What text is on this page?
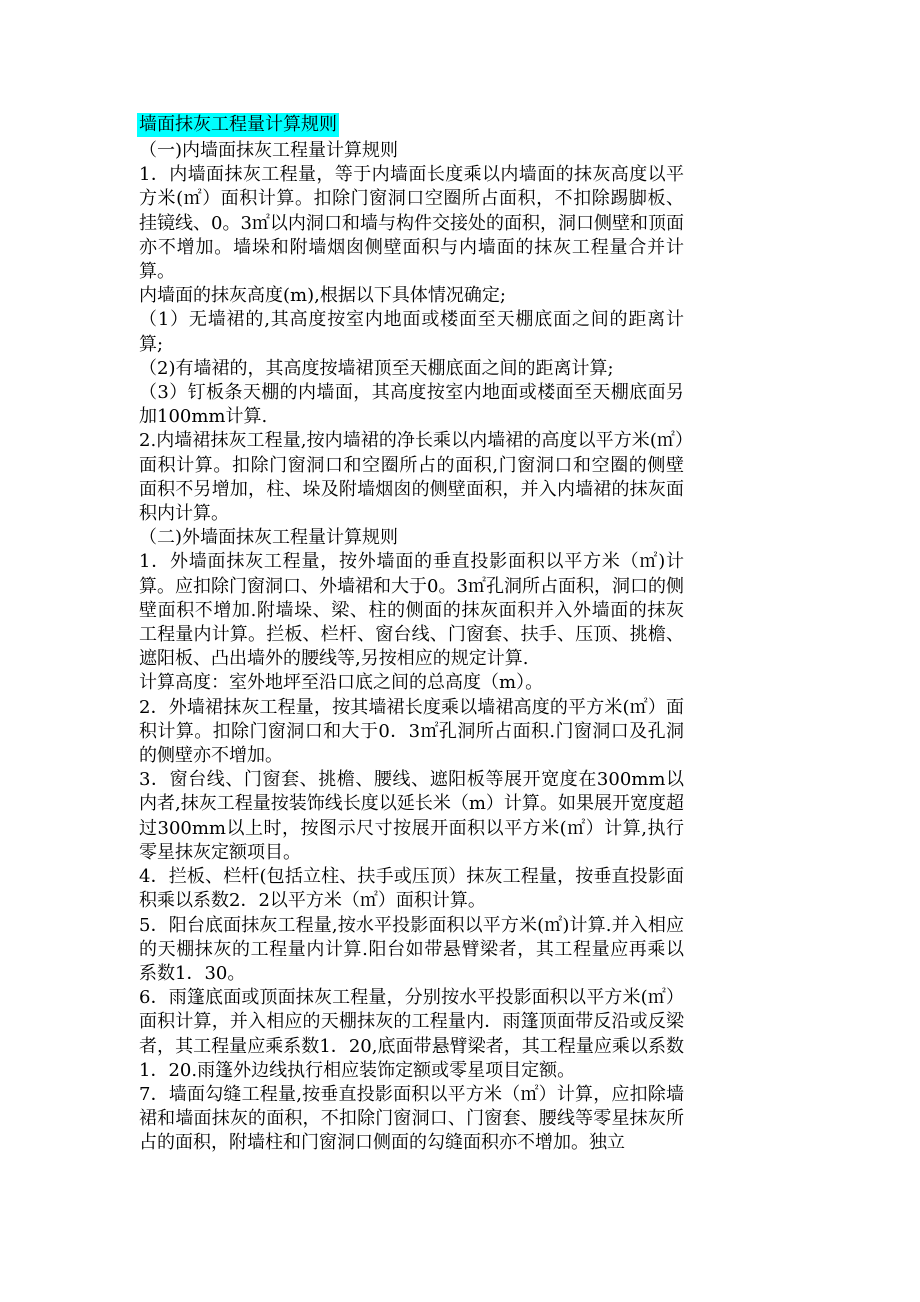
墙面抹灰工程量计算规则

（一)内墙面抹灰工程量计算规则

1．内墙面抹灰工程量，等于内墙面长度乘以内墙面的抹灰高度以平方米(㎡）面积计算。扣除门窗洞口空圈所占面积，不扣除踢脚板、挂镜线、0。3㎡以内洞口和墙与构件交接处的面积，洞口侧壁和顶面亦不增加。墙垛和附墙烟囱侧壁面积与内墙面的抹灰工程量合并计算。

内墙面的抹灰高度(m),根据以下具体情况确定;

（1）无墙裙的,其高度按室内地面或楼面至天棚底面之间的距离计算;

（2)有墙裙的，其高度按墙裙顶至天棚底面之间的距离计算;

（3）钉板条天棚的内墙面，其高度按室内地面或楼面至天棚底面另加100mm计算.

2.内墙裙抹灰工程量,按内墙裙的净长乘以内墙裙的高度以平方米(㎡）面积计算。扣除门窗洞口和空圈所占的面积,门窗洞口和空圈的侧壁面积不另增加，柱、垛及附墙烟囱的侧壁面积，并入内墙裙的抹灰面积内计算。

（二)外墙面抹灰工程量计算规则

1．外墙面抹灰工程量，按外墙面的垂直投影面积以平方米（㎡)计算。应扣除门窗洞口、外墙裙和大于0。3㎡孔洞所占面积，洞口的侧壁面积不增加.附墙垛、梁、柱的侧面的抹灰面积并入外墙面的抹灰工程量内计算。拦板、栏杆、窗台线、门窗套、扶手、压顶、挑檐、遮阳板、凸出墙外的腰线等,另按相应的规定计算.

计算高度：室外地坪至沿口底之间的总高度（m）。

2．外墙裙抹灰工程量，按其墙裙长度乘以墙裙高度的平方米(㎡）面积计算。扣除门窗洞口和大于0．3㎡孔洞所占面积.门窗洞口及孔洞的侧壁亦不增加。

3．窗台线、门窗套、挑檐、腰线、遮阳板等展开宽度在300mm以内者,抹灰工程量按装饰线长度以延长米（m）计算。如果展开宽度超过300mm以上时，按图示尺寸按展开面积以平方米(㎡）计算,执行零星抹灰定额项目。

4．拦板、栏杆(包括立柱、扶手或压顶）抹灰工程量，按垂直投影面积乘以系数2．2以平方米（㎡）面积计算。

5．阳台底面抹灰工程量,按水平投影面积以平方米(㎡)计算.并入相应的天棚抹灰的工程量内计算.阳台如带悬臂梁者，其工程量应再乘以系数1．30。

6．雨篷底面或顶面抹灰工程量，分别按水平投影面积以平方米(㎡）面积计算，并入相应的天棚抹灰的工程量内．雨篷顶面带反沿或反梁者，其工程量应乘系数1．20,底面带悬臂梁者，其工程量应乘以系数1．20.雨篷外边线执行相应装饰定额或零星项目定额。

7．墙面勾缝工程量,按垂直投影面积以平方米（㎡）计算，应扣除墙裙和墙面抹灰的面积，不扣除门窗洞口、门窗套、腰线等零星抹灰所占的面积，附墙柱和门窗洞口侧面的勾缝面积亦不增加。独立
